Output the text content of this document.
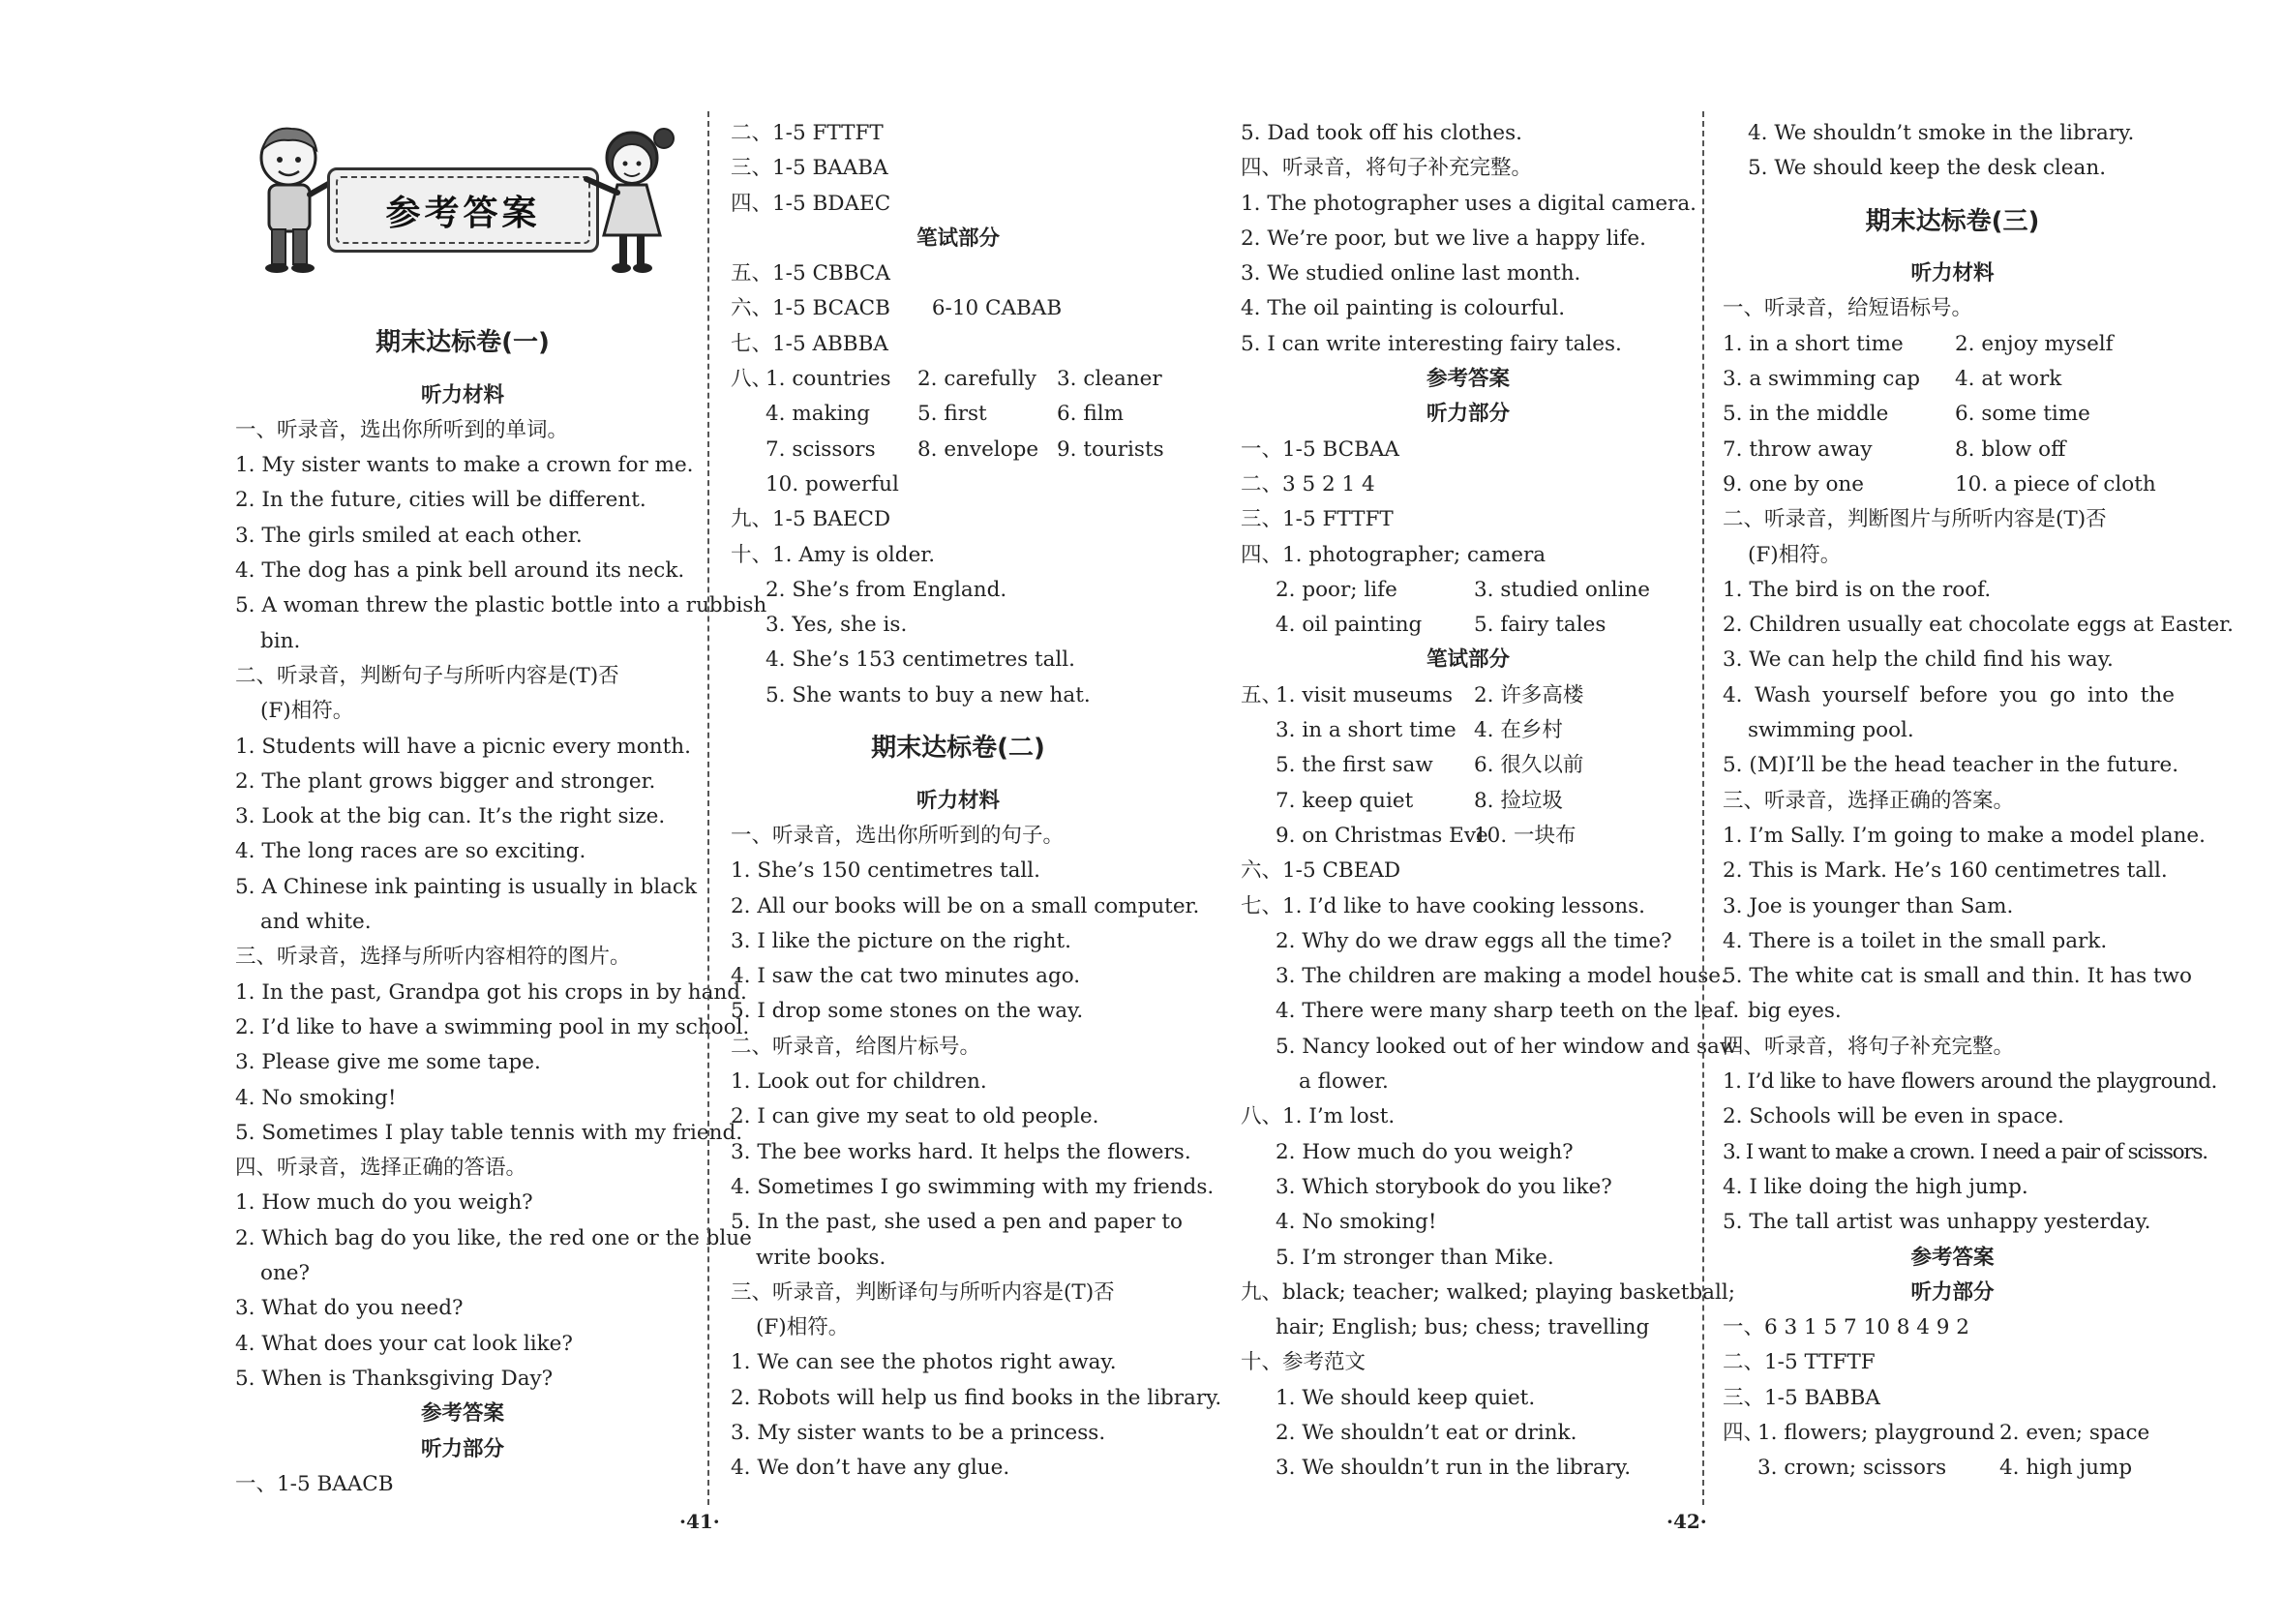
参考答案
期末达标卷(一)
听力材料
一、听录音，选出你所听到的单词。
1. My sister wants to make a crown for me.
2. In the future, cities will be different.
3. The girls smiled at each other.
4. The dog has a pink bell around its neck.
5. A woman threw the plastic bottle into a rubbish
bin.
二、听录音，判断句子与所听内容是(T)否
(F)相符。
1. Students will have a picnic every month.
2. The plant grows bigger and stronger.
3. Look at the big can. It’s the right size.
4. The long races are so exciting.
5. A Chinese ink painting is usually in black
and white.
三、听录音，选择与所听内容相符的图片。
1. In the past, Grandpa got his crops in by hand.
2. I’d like to have a swimming pool in my school.
3. Please give me some tape.
4. No smoking!
5. Sometimes I play table tennis with my friend.
四、听录音，选择正确的答语。
1. How much do you weigh?
2. Which bag do you like, the red one or the blue
one?
3. What do you need?
4. What does your cat look like?
5. When is Thanksgiving Day?
参考答案
听力部分
一、1-5 BAACB
二、1-5 FTTFT
三、1-5 BAABA
四、1-5 BDAEC
笔试部分
五、1-5 CBBCA
六、1-5 BCACB　　6-10 CABAB
七、1-5 ABBBA
八、
1. countries	2. carefully 3. cleaner
4. making	5. first	6. film
7. scissors	8. envelope 9. tourists
10. powerful
九、1-5 BAECD
十、1. Amy is older.
2. She’s from England.
3. Yes, she is.
4. She’s 153 centimetres tall.
5. She wants to buy a new hat.
期末达标卷(二)
听力材料
一、听录音，选出你所听到的句子。
1. She’s 150 centimetres tall.
2. All our books will be on a small computer.
3. I like the picture on the right.
4. I saw the cat two minutes ago.
5. I drop some stones on the way.
二、听录音，给图片标号。
1. Look out for children.
2. I can give my seat to old people.
3. The bee works hard. It helps the flowers.
4. Sometimes I go swimming with my friends.
5. In the past, she used a pen and paper to
write books.
三、听录音，判断译句与所听内容是(T)否
(F)相符。
1. We can see the photos right away.
2. Robots will help us find books in the library.
3. My sister wants to be a princess.
4. We don’t have any glue.
·41·
5. Dad took off his clothes.
四、听录音，将句子补充完整。
1. The photographer uses a digital camera.
2. We’re poor, but we live a happy life.
3. We studied online last month.
4. The oil painting is colourful.
5. I can write interesting fairy tales.
参考答案
听力部分
一、1-5 BCBAA
二、3 5 2 1 4
三、1-5 FTTFT
四、1. photographer; camera
2. poor; life	3. studied online
4. oil painting	5. fairy tales
笔试部分
五、
1. visit museums	2. 许多高楼
3. in a short time 4. 在乡村
5. the first saw	6. 很久以前
7. keep quiet	8. 捡垃圾
9. on Christmas Eve
10. 一块布
六、1-5 CBEAD
七、1. I’d like to have cooking lessons.
2. Why do we draw eggs all the time?
3. The children are making a model house.
4. There were many sharp teeth on the leaf.
5. Nancy looked out of her window and saw
a flower.
八、1. I’m lost.
2. How much do you weigh?
3. Which storybook do you like?
4. No smoking!
5. I’m stronger than Mike.
九、black; teacher; walked; playing basketball;
hair; English; bus; chess; travelling
十、参考范文
1. We should keep quiet.
2. We shouldn’t eat or drink.
3. We shouldn’t run in the library.
4. We shouldn’t smoke in the library.
5. We should keep the desk clean.
期末达标卷(三)
听力材料
一、听录音，给短语标号。
1. in a short time	2. enjoy myself
3. a swimming cap	4. at work
5. in the middle	6. some time
7. throw away	8. blow off
9. one by one	10. a piece of cloth
二、听录音，判断图片与所听内容是(T)否
(F)相符。
1. The bird is on the roof.
2. Children usually eat chocolate eggs at Easter.
3. We can help the child find his way.
4. Wash yourself before you go into the
swimming pool.
5. (M)I’ll be the head teacher in the future.
三、听录音，选择正确的答案。
1. I’m Sally. I’m going to make a model plane.
2. This is Mark. He’s 160 centimetres tall.
3. Joe is younger than Sam.
4. There is a toilet in the small park.
5. The white cat is small and thin. It has two
big eyes.
四、听录音，将句子补充完整。
1. I’d like to have flowers around the playground.
2. Schools will be even in space.
3. I want to make a crown. I need a pair of scissors.
4. I like doing the high jump.
5. The tall artist was unhappy yesterday.
参考答案
听力部分
一、6 3 1 5 7 10 8 4 9 2
二、1-5 TTFTF
三、1-5 BABBA
四、
1. flowers; playground 2. even; space
3. crown; scissors	4. high jump
·42·
